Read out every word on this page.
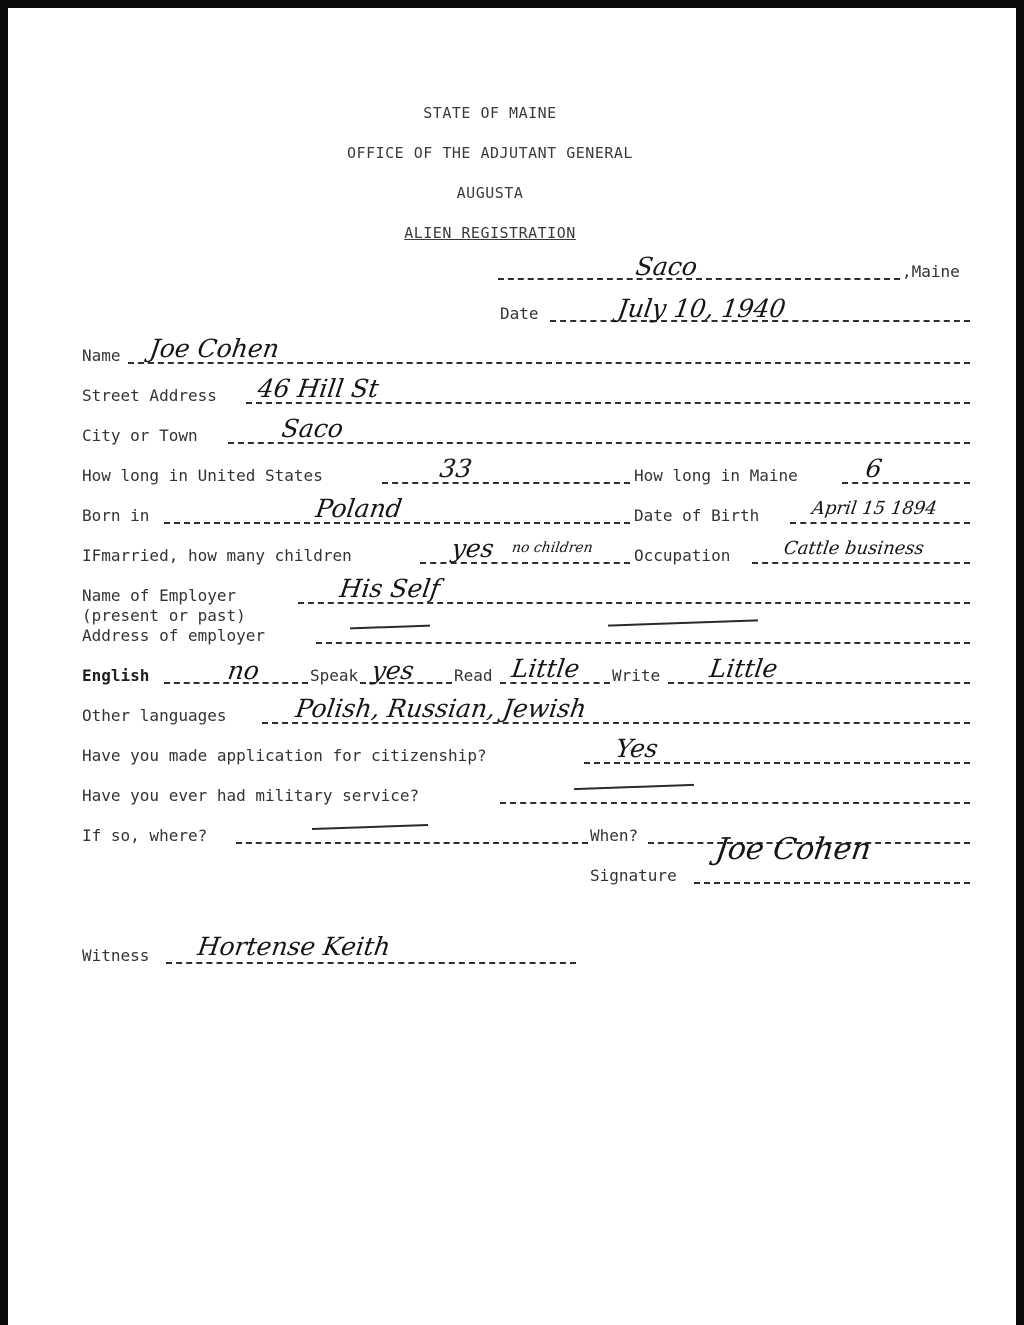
STATE OF MAINE
OFFICE OF THE ADJUTANT GENERAL
AUGUSTA
ALIEN REGISTRATION
Saco	,Maine
Date	July 10, 1940
Name Joe Cohen
Street Address 46 Hill St
City or Town	Saco
How long in United States	33	How long in Maine	6
Born in	Poland	Date of Birth	April 15 1894
IFmarried, how many children	yes no children	Occupation	Cattle business
Name of Employer	His Self
(present or past)
Address of employer
English	no	Speak yes Read Little Write Little
Other languages	Polish, Russian, Jewish
Have you made application for citizenship?	Yes
Have you ever had military service?
If so, where?	When?
Signature
Joe Cohen
Witness Hortense Keith
